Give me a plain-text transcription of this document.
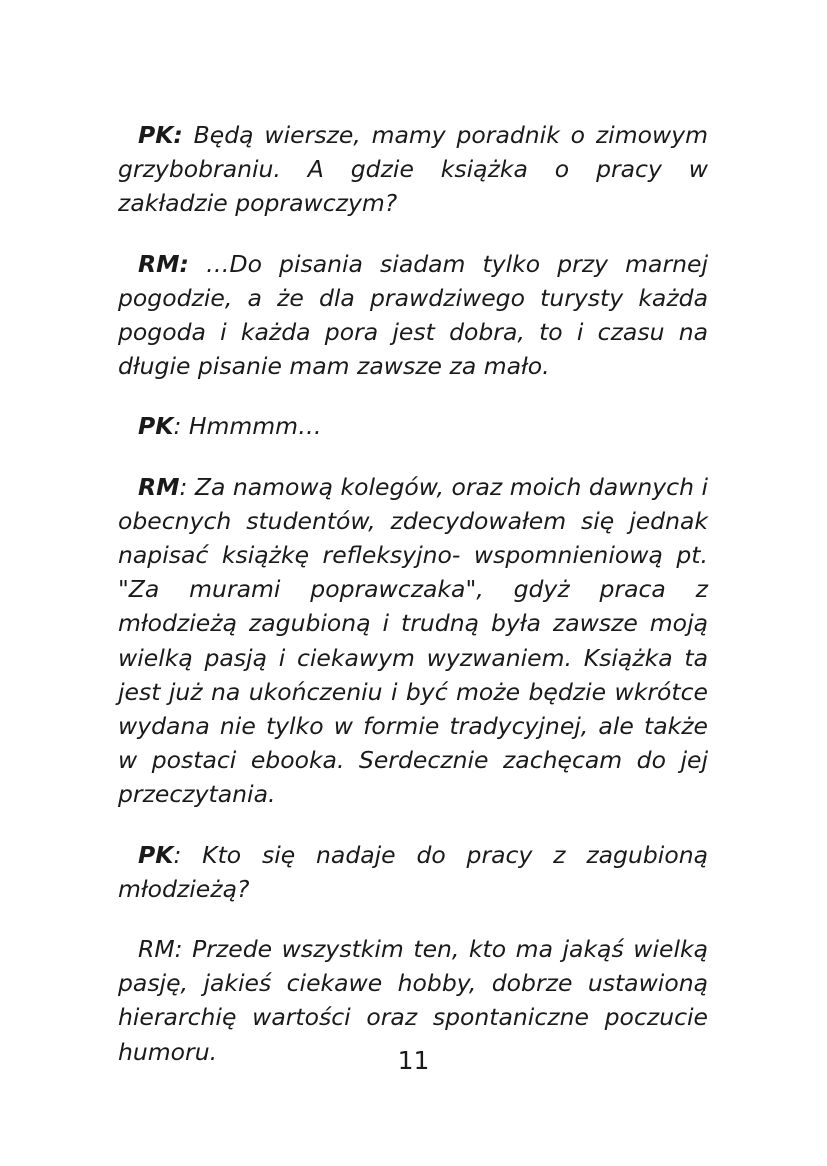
PK: Będą wiersze, mamy poradnik o zimowym grzybobraniu. A gdzie książka o pracy w zakładzie poprawczym?

RM: …Do pisania siadam tylko przy marnej pogodzie, a że dla prawdziwego turysty każda pogoda i każda pora jest dobra, to i czasu na długie pisanie mam zawsze za mało.

PK: Hmmmm…

RM: Za namową kolegów, oraz moich dawnych i obecnych studentów, zdecydowałem się jednak napisać książkę refleksyjno- wspomnieniową pt. "Za murami poprawczaka", gdyż praca z młodzieżą zagubioną i trudną była zawsze moją wielką pasją i ciekawym wyzwaniem. Książka ta jest już na ukończeniu i być może będzie wkrótce wydana nie tylko w formie tradycyjnej, ale także w postaci ebooka. Serdecznie zachęcam do jej przeczytania.

PK: Kto się nadaje do pracy z zagubioną młodzieżą?

RM: Przede wszystkim ten, kto ma jakąś wielką pasję, jakieś ciekawe hobby, dobrze ustawioną hierarchię wartości oraz spontaniczne poczucie humoru.	11
